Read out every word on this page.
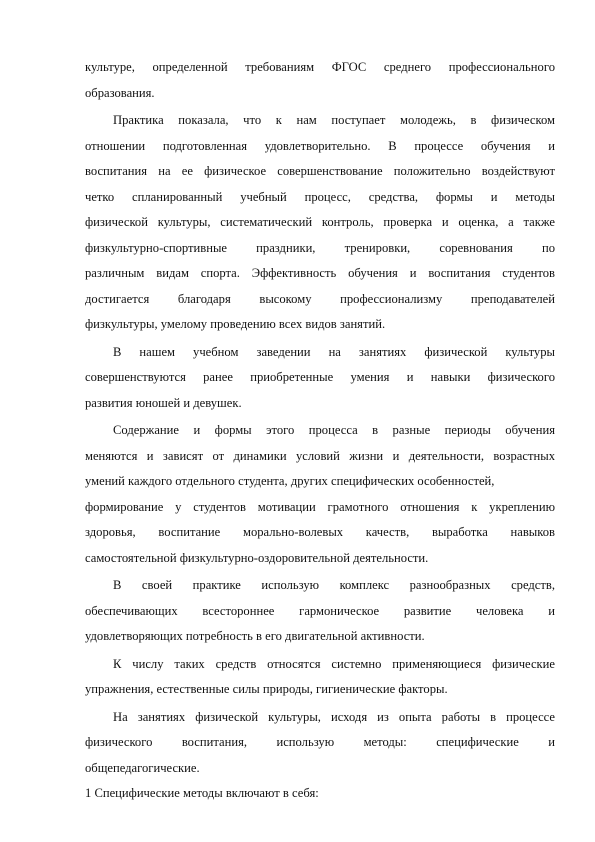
культуре, определенной требованиям ФГОС среднего профессионального
образования.
Практика показала, что к нам поступает молодежь, в физическом
отношении подготовленная удовлетворительно. В процессе обучения и
воспитания на ее физическое совершенствование положительно воздействуют
четко спланированный учебный процесс, средства, формы и методы
физической культуры, систематический контроль, проверка и оценка, а также
физкультурно-спортивные праздники, тренировки, соревнования по
различным видам спорта. Эффективность обучения и воспитания студентов
достигается благодаря высокому профессионализму преподавателей
физкультуры, умелому проведению всех видов занятий.
В нашем учебном заведении на занятиях физической культуры
совершенствуются ранее приобретенные умения и навыки физического
развития юношей и девушек.
Содержание и формы этого процесса в разные периоды обучения
меняются и зависят от динамики условий жизни и деятельности, возрастных
умений каждого отдельного студента, других специфических особенностей,
формирование у студентов мотивации грамотного отношения к укреплению
здоровья, воспитание морально-волевых качеств, выработка навыков
самостоятельной физкультурно-оздоровительной деятельности.
В своей практике использую комплекс разнообразных средств,
обеспечивающих всестороннее гармоническое развитие человека и
удовлетворяющих потребность в его двигательной активности.
К числу таких средств относятся системно применяющиеся физические
упражнения, естественные силы природы, гигиенические факторы.
На занятиях физической культуры, исходя из опыта работы в процессе
физического воспитания, использую методы: специфические и
общепедагогические.
1 Специфические методы включают в себя:
